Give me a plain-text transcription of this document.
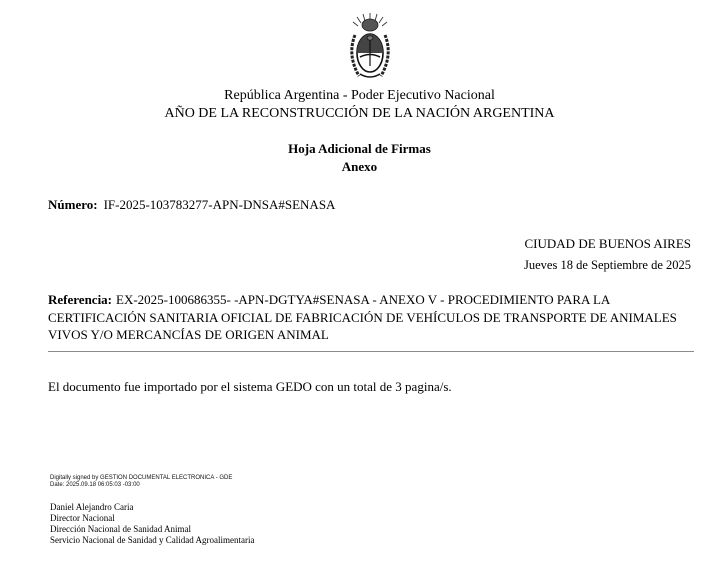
República Argentina - Poder Ejecutivo Nacional
AÑO DE LA RECONSTRUCCIÓN DE LA NACIÓN ARGENTINA
Hoja Adicional de Firmas
Anexo
Número: IF-2025-103783277-APN-DNSA#SENASA
CIUDAD DE BUENOS AIRES
Jueves 18 de Septiembre de 2025
Referencia: EX-2025-100686355- -APN-DGTYA#SENASA - ANEXO V - PROCEDIMIENTO PARA LA CERTIFICACIÓN SANITARIA OFICIAL DE FABRICACIÓN DE VEHÍCULOS DE TRANSPORTE DE ANIMALES VIVOS Y/O MERCANCÍAS DE ORIGEN ANIMAL
El documento fue importado por el sistema GEDO con un total de 3 pagina/s.
Digitally signed by GESTION DOCUMENTAL ELECTRONICA - GDE
Date: 2025.09.18 06:05:03 -03:00
Daniel Alejandro Caria
Director Nacional
Dirección Nacional de Sanidad Animal
Servicio Nacional de Sanidad y Calidad Agroalimentaria
